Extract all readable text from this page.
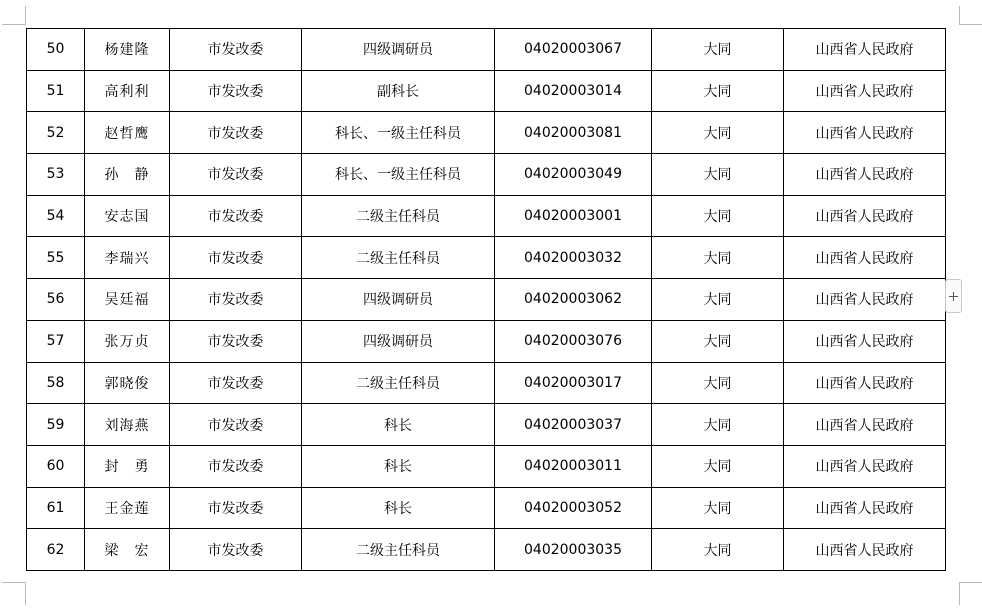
50	杨建隆	市发改委	四级调研员	04020003067	大同	山西省人民政府
51	高利利	市发改委	副科长	04020003014	大同	山西省人民政府
52	赵哲鹰	市发改委	科长、一级主任科员	04020003081	大同	山西省人民政府
53	孙　静	市发改委	科长、一级主任科员	04020003049	大同	山西省人民政府
54	安志国	市发改委	二级主任科员	04020003001	大同	山西省人民政府
55	李瑞兴	市发改委	二级主任科员	04020003032	大同	山西省人民政府
56	吴廷福	市发改委	四级调研员	04020003062	大同	山西省人民政府
57	张万贞	市发改委	四级调研员	04020003076	大同	山西省人民政府
58	郭晓俊	市发改委	二级主任科员	04020003017	大同	山西省人民政府
59	刘海燕	市发改委	科长	04020003037	大同	山西省人民政府
60	封　勇	市发改委	科长	04020003011	大同	山西省人民政府
61	王金莲	市发改委	科长	04020003052	大同	山西省人民政府
62	梁　宏	市发改委	二级主任科员	04020003035	大同	山西省人民政府
